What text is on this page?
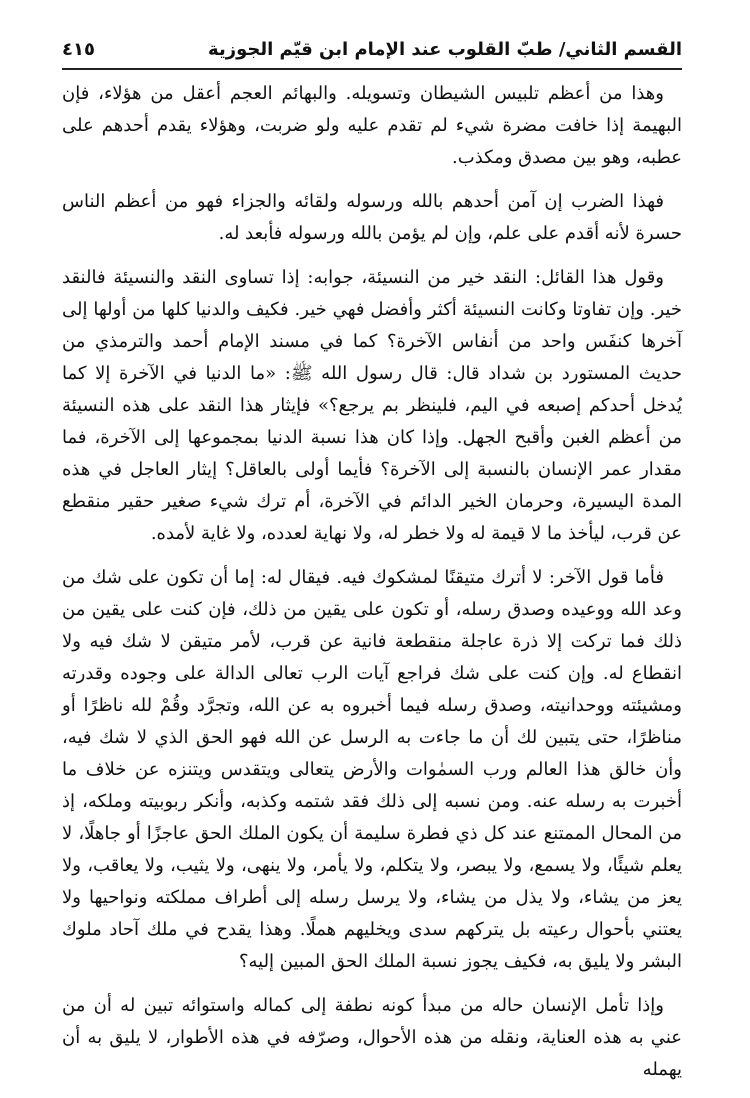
القسم الثاني/ طبّ القلوب عند الإمام ابن قيّم الجوزية
٤١٥

وهذا من أعظم تلبيس الشيطان وتسويله. والبهائم العجم أعقل من هؤلاء، فإن البهيمة إذا خافت مضرة شيء لم تقدم عليه ولو ضربت، وهؤلاء يقدم أحدهم على عطبه، وهو بين مصدق ومكذب.

فهذا الضرب إن آمن أحدهم بالله ورسوله ولقائه والجزاء فهو من أعظم الناس حسرة لأنه أقدم على علم، وإن لم يؤمن بالله ورسوله فأبعد له.

وقول هذا القائل: النقد خير من النسيئة، جوابه: إذا تساوى النقد والنسيئة فالنقد خير. وإن تفاوتا وكانت النسيئة أكثر وأفضل فهي خير. فكيف والدنيا كلها من أولها إلى آخرها كنفَس واحد من أنفاس الآخرة؟ كما في مسند الإمام أحمد والترمذي من حديث المستورد بن شداد قال: قال رسول الله ﷺ: «ما الدنيا في الآخرة إلا كما يُدخل أحدكم إصبعه في اليم، فلينظر بم يرجع؟» فإيثار هذا النقد على هذه النسيئة من أعظم الغبن وأقبح الجهل. وإذا كان هذا نسبة الدنيا بمجموعها إلى الآخرة، فما مقدار عمر الإنسان بالنسبة إلى الآخرة؟ فأيما أولى بالعاقل؟ إيثار العاجل في هذه المدة اليسيرة، وحرمان الخير الدائم في الآخرة، أم ترك شيء صغير حقير منقطع عن قرب، ليأخذ ما لا قيمة له ولا خطر له، ولا نهاية لعدده، ولا غاية لأمده.

فأما قول الآخر: لا أترك متيقنًا لمشكوك فيه. فيقال له: إما أن تكون على شك من وعد الله ووعيده وصدق رسله، أو تكون على يقين من ذلك، فإن كنت على يقين من ذلك فما تركت إلا ذرة عاجلة منقطعة فانية عن قرب، لأمر متيقن لا شك فيه ولا انقطاع له. وإن كنت على شك فراجع آيات الرب تعالى الدالة على وجوده وقدرته ومشيئته ووحدانيته، وصدق رسله فيما أخبروه به عن الله، وتجرَّد وقُمْ لله ناظرًا أو مناظرًا، حتى يتبين لك أن ما جاءت به الرسل عن الله فهو الحق الذي لا شك فيه، وأن خالق هذا العالم ورب السمٰوات والأرض يتعالى ويتقدس ويتنزه عن خلاف ما أخبرت به رسله عنه. ومن نسبه إلى ذلك فقد شتمه وكذبه، وأنكر ربوبيته وملكه، إذ من المحال الممتنع عند كل ذي فطرة سليمة أن يكون الملك الحق عاجزًا أو جاهلًا، لا يعلم شيئًا، ولا يسمع، ولا يبصر، ولا يتكلم، ولا يأمر، ولا ينهى، ولا يثيب، ولا يعاقب، ولا يعز من يشاء، ولا يذل من يشاء، ولا يرسل رسله إلى أطراف مملكته ونواحيها ولا يعتني بأحوال رعيته بل يتركهم سدى ويخليهم هملًا. وهذا يقدح في ملك آحاد ملوك البشر ولا يليق به، فكيف يجوز نسبة الملك الحق المبين إليه؟

وإذا تأمل الإنسان حاله من مبدأ كونه نطفة إلى كماله واستوائه تبين له أن من عني به هذه العناية، ونقله من هذه الأحوال، وصرّفه في هذه الأطوار، لا يليق به أن يهمله
